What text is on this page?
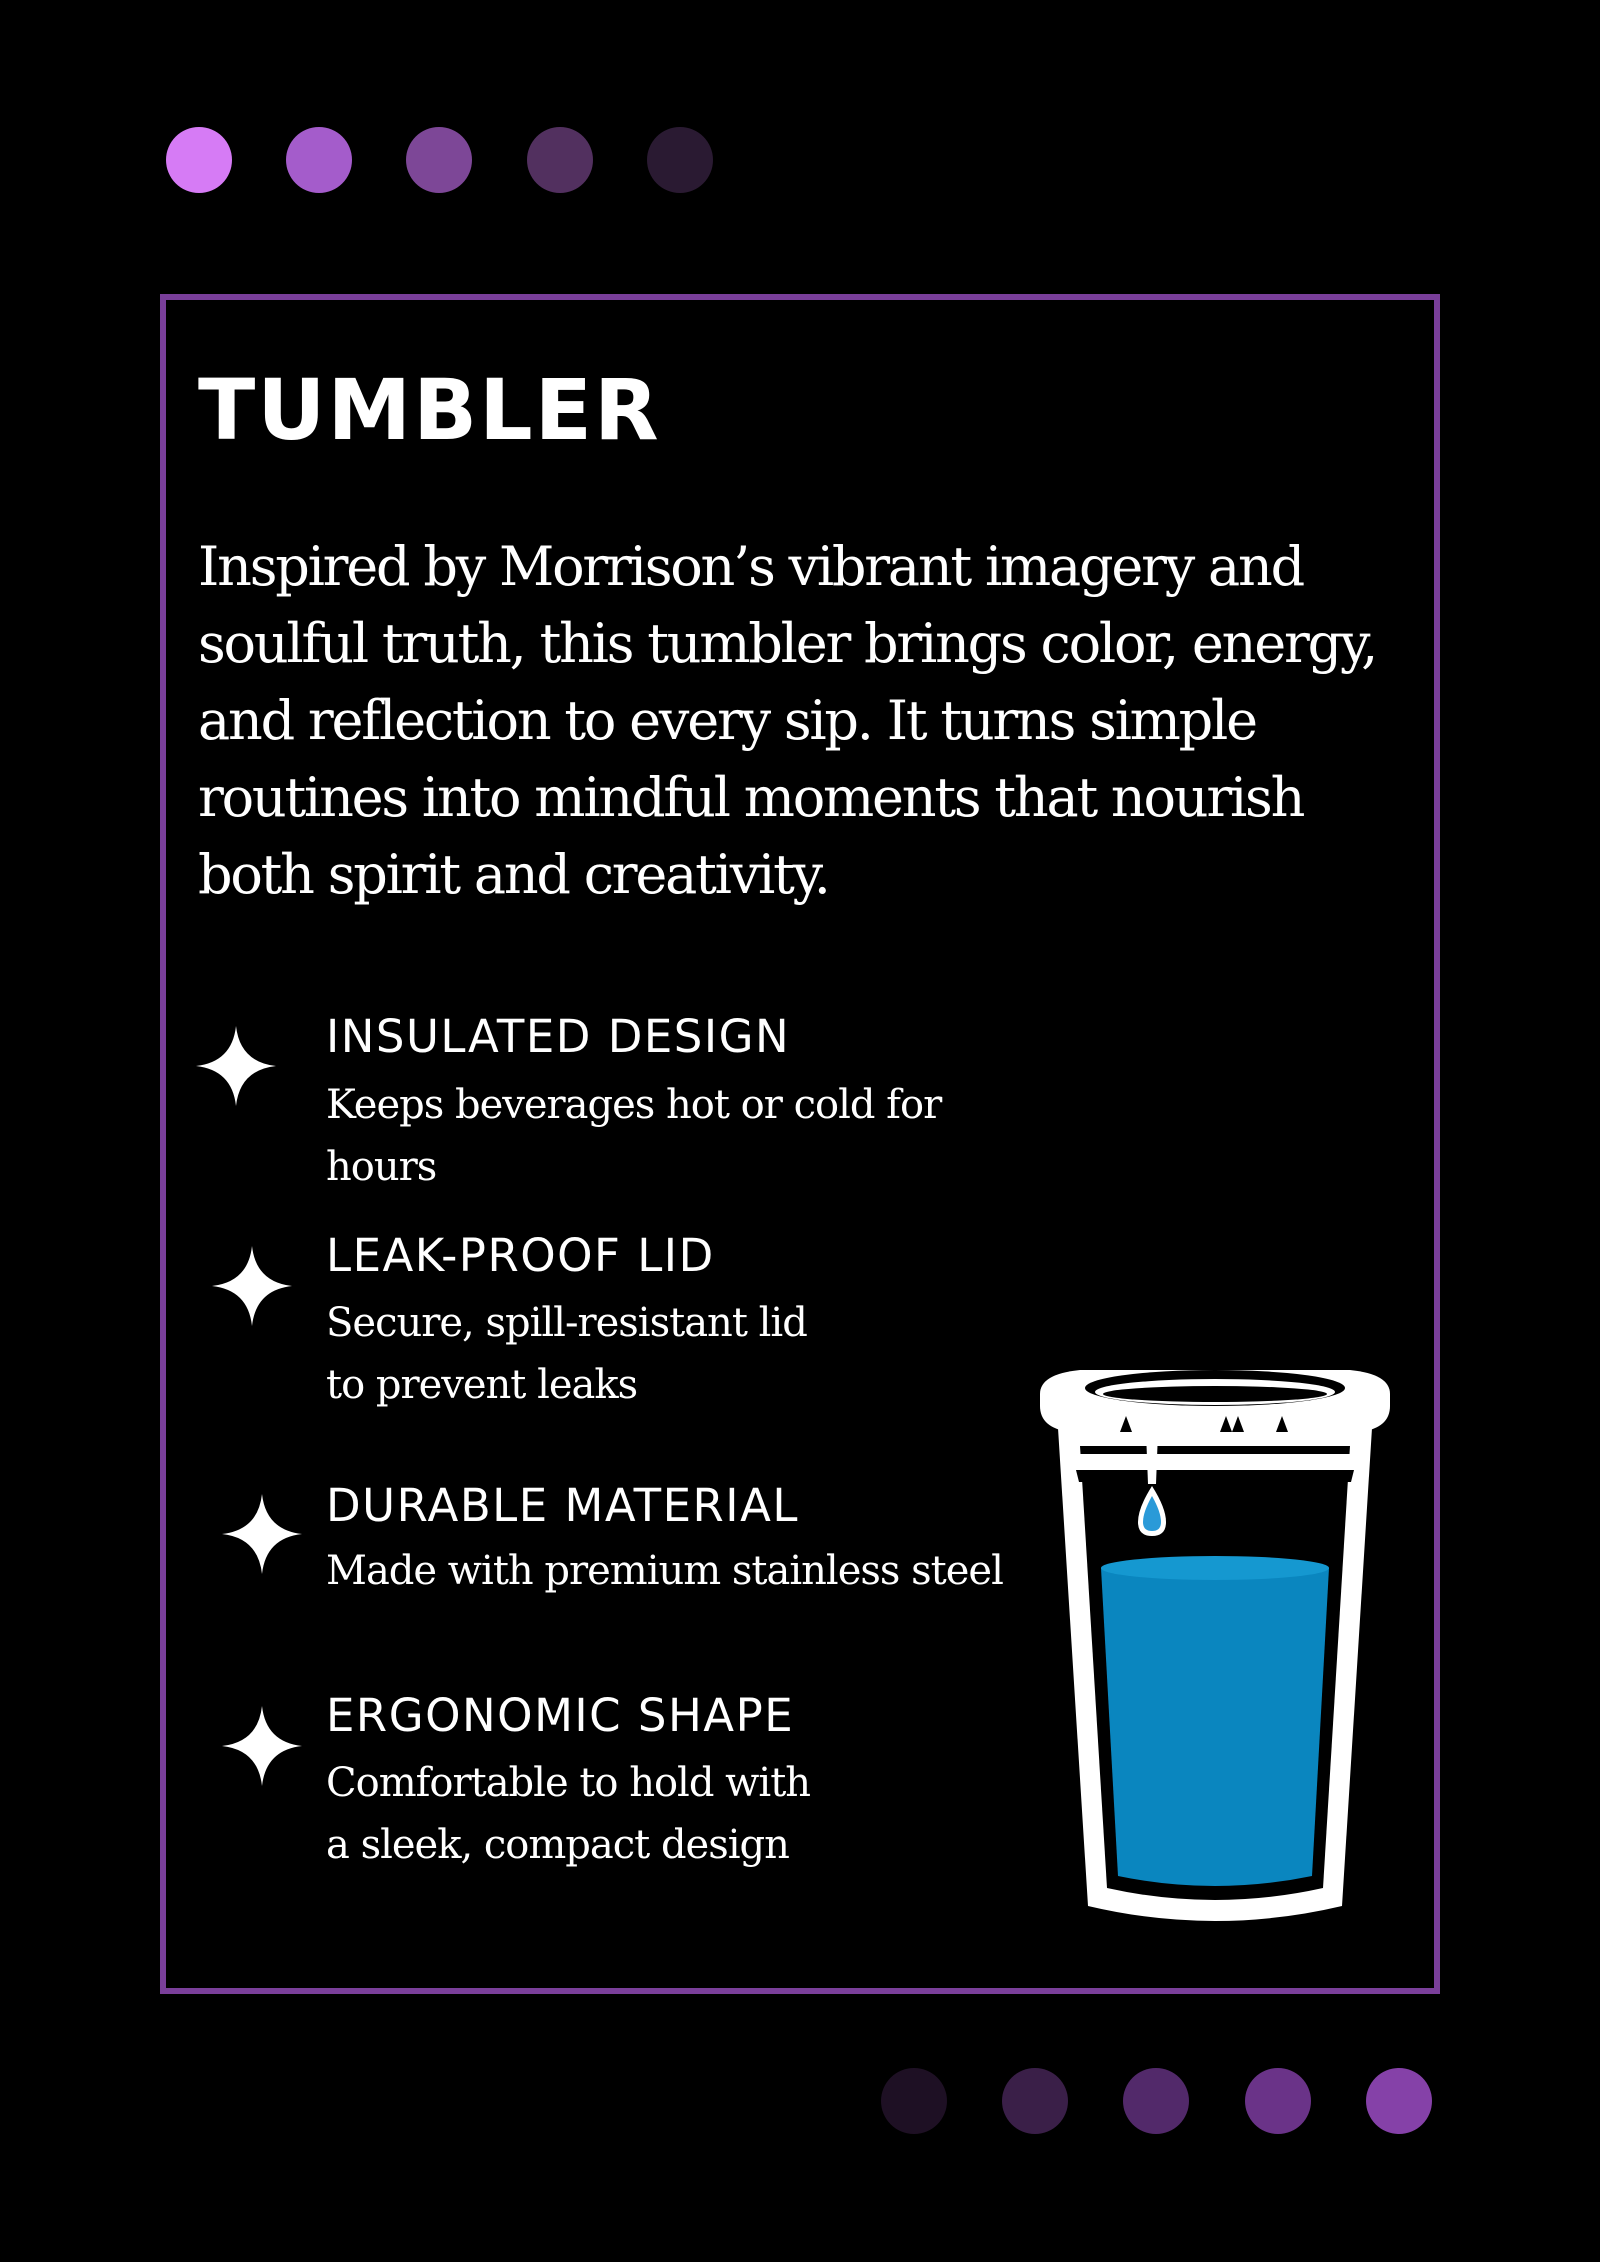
TUMBLER

Inspired by Morrison’s vibrant imagery and soulful truth, this tumbler brings color, energy, and reflection to every sip. It turns simple routines into mindful moments that nourish both spirit and creativity.

INSULATED DESIGN
Keeps beverages hot or cold for hours
LEAK-PROOF LID
Secure, spill-resistant lid
to prevent leaks
DURABLE MATERIAL
Made with premium stainless steel
ERGONOMIC SHAPE
Comfortable to hold with
a sleek, compact design
